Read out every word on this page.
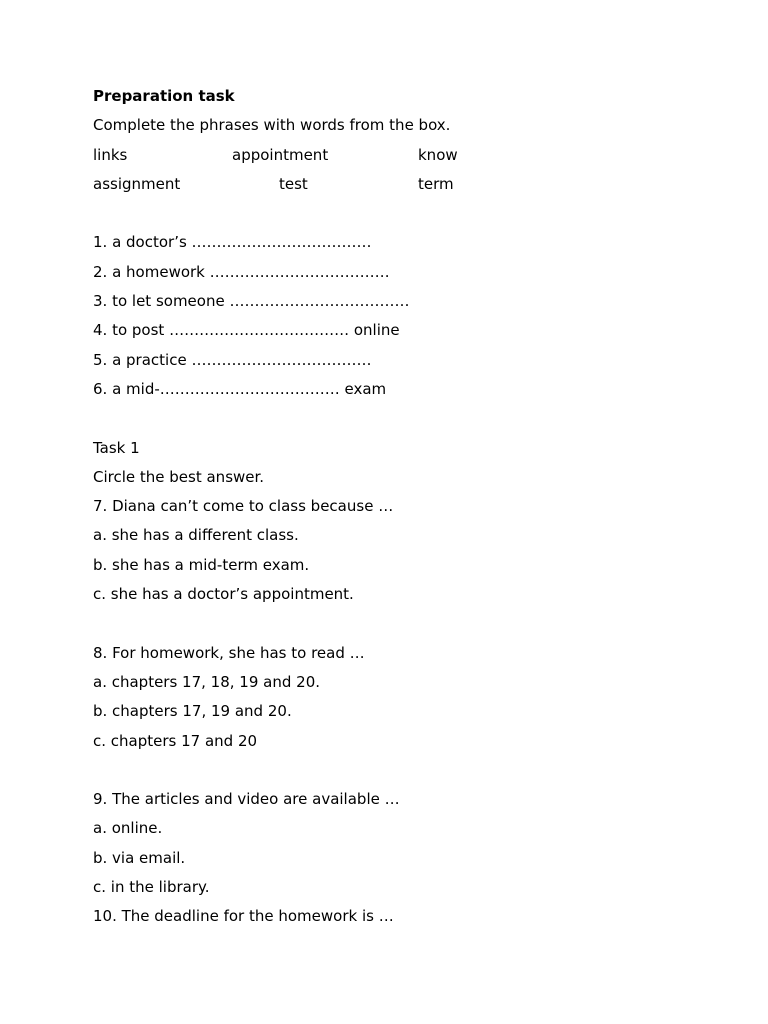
Preparation task
Complete the phrases with words from the box.
links	appointment	know
assignment	test	term
1. a doctor’s ………………………………
2. a homework ………………………………
3. to let someone ………………………………
4. to post ……………………………… online
5. a practice ………………………………
6. a mid-……………………………… exam
Task 1
Circle the best answer.
7. Diana can’t come to class because …
a. she has a different class.
b. she has a mid-term exam.
c. she has a doctor’s appointment.
8. For homework, she has to read …
a. chapters 17, 18, 19 and 20.
b. chapters 17, 19 and 20.
c. chapters 17 and 20
9. The articles and video are available …
a. online.
b. via email.
c. in the library.
10. The deadline for the homework is …
